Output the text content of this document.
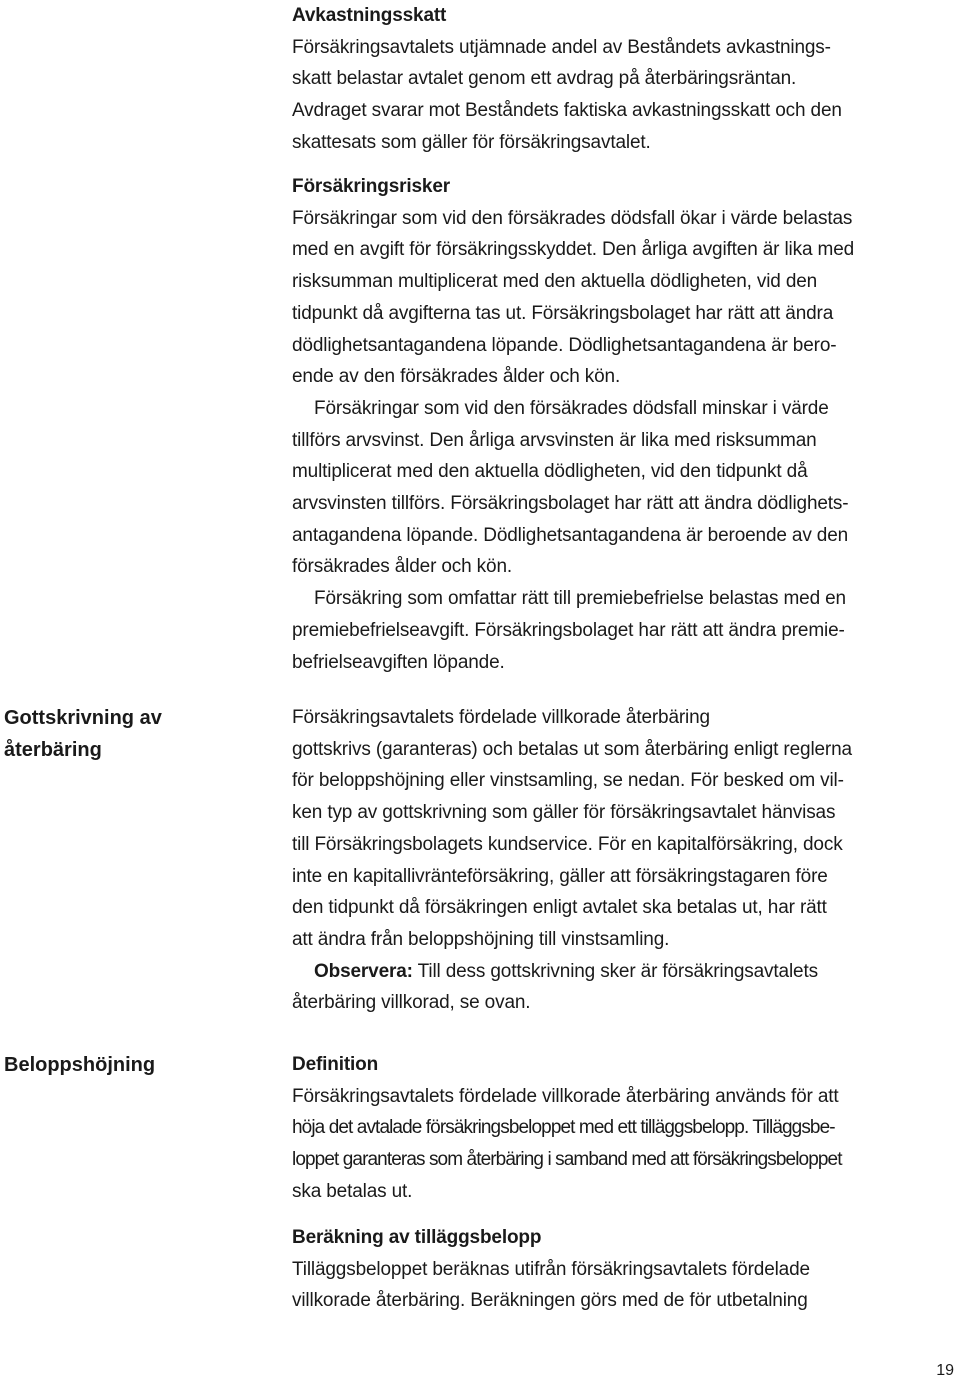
Gottskrivning av
återbäring
Beloppshöjning
Avkastningsskatt
Försäkringsavtalets utjämnade andel av Beståndets avkastnings-
skatt belastar avtalet genom ett avdrag på återbäringsräntan.
Avdraget svarar mot Beståndets faktiska avkastningsskatt och den
skattesats som gäller för försäkringsavtalet.
Försäkringsrisker
Försäkringar som vid den försäkrades dödsfall ökar i värde belastas
med en avgift för försäkringsskyddet. Den årliga avgiften är lika med
risksumman multiplicerat med den aktuella dödligheten, vid den
tidpunkt då avgifterna tas ut. Försäkringsbolaget har rätt att ändra
dödlighetsantagandena löpande. Dödlighetsantagandena är bero-
ende av den försäkrades ålder och kön.
Försäkringar som vid den försäkrades dödsfall minskar i värde
tillförs arvsvinst. Den årliga arvsvinsten är lika med risksumman
multiplicerat med den aktuella dödligheten, vid den tidpunkt då
arvsvinsten tillförs. Försäkringsbolaget har rätt att ändra dödlighets-
antagandena löpande. Dödlighetsantagandena är beroende av den
försäkrades ålder och kön.
Försäkring som omfattar rätt till premiebefrielse belastas med en
premiebefrielseavgift. Försäkringsbolaget har rätt att ändra premie-
befrielseavgiften löpande.
Försäkringsavtalets fördelade villkorade återbäring
gottskrivs (garanteras) och betalas ut som återbäring enligt reglerna
för beloppshöjning eller vinstsamling, se nedan. För besked om vil-
ken typ av gottskrivning som gäller för försäkringsavtalet hänvisas
till Försäkringsbolagets kundservice. För en kapitalförsäkring, dock
inte en kapitallivränteförsäkring, gäller att försäkringstagaren före
den tidpunkt då försäkringen enligt avtalet ska betalas ut, har rätt
att ändra från beloppshöjning till vinstsamling.
Observera: Till dess gottskrivning sker är försäkringsavtalets
återbäring villkorad, se ovan.
Definition
Försäkringsavtalets fördelade villkorade återbäring används för att
höja det avtalade försäkringsbeloppet med ett tilläggsbelopp. Tilläggsbe-
loppet garanteras som återbäring i samband med att försäkringsbeloppet
ska betalas ut.
Beräkning av tilläggsbelopp
Tilläggsbeloppet beräknas utifrån försäkringsavtalets fördelade
villkorade återbäring. Beräkningen görs med de för utbetalning
19
